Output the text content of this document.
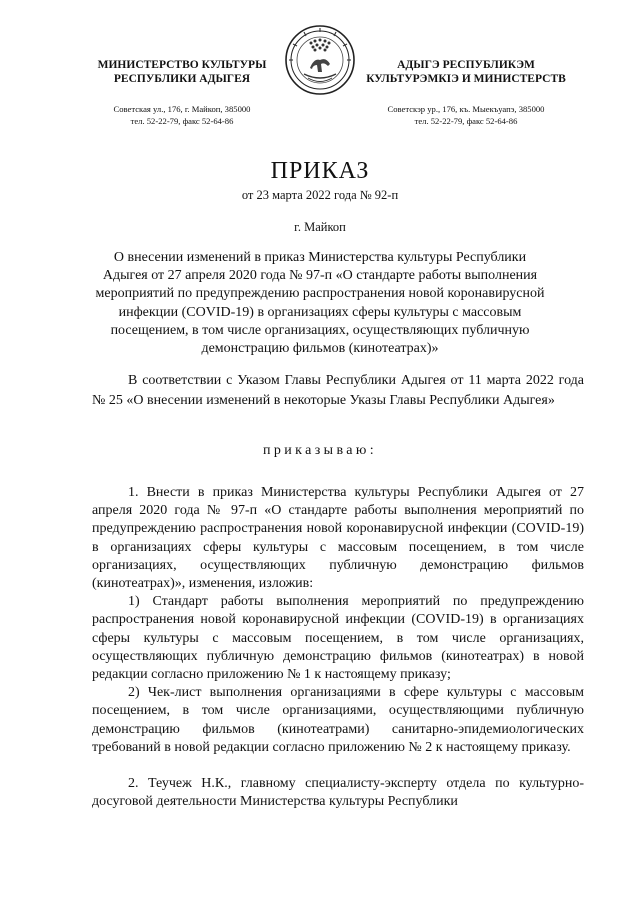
МИНИСТЕРСТВО КУЛЬТУРЫ
РЕСПУБЛИКИ АДЫГЕЯ
АДЫГЭ РЕСПУБЛИКЭМ
КУЛЬТУРЭМКIЭ И МИНИСТЕРСТВ
Советская ул., 176, г. Майкоп, 385000
тел. 52-22-79, факс 52-64-86
Советскэр ур., 176, къ. Мыекъуапэ, 385000
тел. 52-22-79, факс 52-64-86
ПРИКАЗ
от 23 марта 2022 года № 92-п
г. Майкоп
О внесении изменений в приказ Министерства культуры Республики
Адыгея от 27 апреля 2020 года № 97-п «О стандарте работы выполнения
мероприятий по предупреждению распространения новой коронавирусной
инфекции (COVID-19) в организациях сферы культуры с массовым
посещением, в том числе организациях, осуществляющих публичную
демонстрацию фильмов (кинотеатрах)»

В соответствии с Указом Главы Республики Адыгея от 11 марта 2022 года № 25 «О внесении изменений в некоторые Указы Главы Республики Адыгея»

приказываю:

1. Внести в приказ Министерства культуры Республики Адыгея от 27 апреля 2020 года № 97-п «О стандарте работы выполнения мероприятий по предупреждению распространения новой коронавирусной инфекции (COVID-19) в организациях сферы культуры с массовым посещением, в том числе организациях, осуществляющих публичную демонстрацию фильмов (кинотеатрах)», изменения, изложив:

1) Стандарт работы выполнения мероприятий по предупреждению распространения новой коронавирусной инфекции (COVID-19) в организациях сферы культуры с массовым посещением, в том числе организациях, осуществляющих публичную демонстрацию фильмов (кинотеатрах) в новой редакции согласно приложению № 1 к настоящему приказу;

2) Чек-лист выполнения организациями в сфере культуры с массовым посещением, в том числе организациями, осуществляющими публичную демонстрацию фильмов (кинотеатрами) санитарно-эпидемиологических требований в новой редакции согласно приложению № 2 к настоящему приказу.

2. Теучеж Н.К., главному специалисту-эксперту отдела по культурно-досуговой деятельности Министерства культуры Республики
